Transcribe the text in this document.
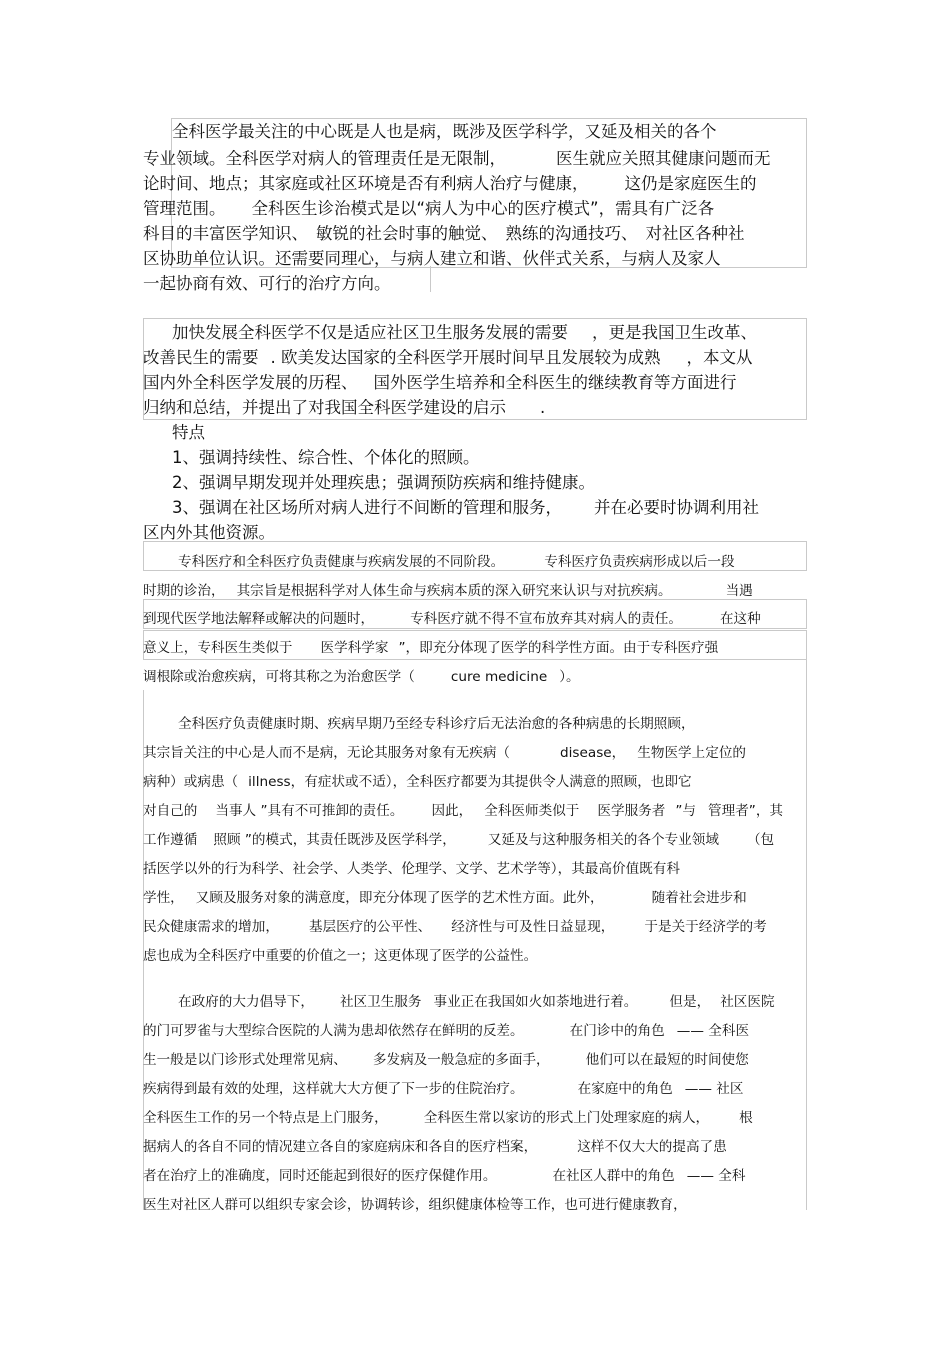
全科医学最关注的中心既是人也是病，既涉及医学科学，又延及相关的各个
专业领域。全科医学对病人的管理责任是无限制，	医生就应关照其健康问题而无
论时间、地点；其家庭或社区环境是否有利病人治疗与健康， 这仍是家庭医生的
管理范围。 全科医生诊治模式是以“病人为中心的医疗模式”，需具有广泛各
科目的丰富医学知识、 敏锐的社会时事的触觉、 熟练的沟通技巧、 对社区各种社
区协助单位认识。还需要同理心，与病人建立和谐、伙伴式关系，与病人及家人
一起协商有效、可行的治疗方向。
加快发展全科医学不仅是适应社区卫生服务发展的需要 ，更是我国卫生改革、
改善民生的需要 . 欧美发达国家的全科医学开展时间早且发展较为成熟 ，本文从
国内外全科医学发展的历程、 国外医学生培养和全科医生的继续教育等方面进行
归纳和总结，并提出了对我国全科医学建设的启示 .
特点
1、强调持续性、综合性、个体化的照顾。
2、强调早期发现并处理疾患；强调预防疾病和维持健康。
3、强调在社区场所对病人进行不间断的管理和服务， 并在必要时协调利用社
区内外其他资源。
专科医疗和全科医疗负责健康与疾病发展的不同阶段。	专科医疗负责疾病形成以后一段
时期的诊治， 其宗旨是根据科学对人体生命与疾病本质的深入研究来认识与对抗疾病。	当遇
到现代医学地法解释或解决的问题时，	专科医疗就不得不宣布放弃其对病人的责任。	在这种
意义上，专科医生类似于 医学科学家 ”，即充分体现了医学的科学性方面。由于专科医疗强
调根除或治愈疾病，可将其称之为治愈医学（	cure medicine ）。
全科医疗负责健康时期、疾病早期乃至经专科诊疗后无法治愈的各种病患的长期照顾，
其宗旨关注的中心是人而不是病，无论其服务对象有无疾病（	disease， 生物医学上定位的
病种）或病患（ illness，有症状或不适），全科医疗都要为其提供令人满意的照顾，也即它
对自己的 当事人 ”具有不可推卸的责任。 因此， 全科医师类似于 医学服务者 ”与 管理者”，其
工作遵循 照顾 ”的模式，其责任既涉及医学科学， 又延及与这种服务相关的各个专业领域 （包
括医学以外的行为科学、社会学、人类学、伦理学、文学、艺术学等），其最高价值既有科
学性， 又顾及服务对象的满意度，即充分体现了医学的艺术性方面。此外，	随着社会进步和
民众健康需求的增加， 基层医疗的公平性、 经济性与可及性日益显现， 于是关于经济学的考
虑也成为全科医疗中重要的价值之一；这更体现了医学的公益性。
在政府的大力倡导下， 社区卫生服务 事业正在我国如火如荼地进行着。 但是， 社区医院
的门可罗雀与大型综合医院的人满为患却依然存在鲜明的反差。	在门诊中的角色 —— 全科医
生一般是以门诊形式处理常见病、 多发病及一般急症的多面手，	他们可以在最短的时间使您
疾病得到最有效的处理，这样就大大方便了下一步的住院治疗。	在家庭中的角色 —— 社区
全科医生工作的另一个特点是上门服务，	全科医生常以家访的形式上门处理家庭的病人， 根
据病人的各自不同的情况建立各自的家庭病床和各自的医疗档案，	这样不仅大大的提高了患
者在治疗上的准确度，同时还能起到很好的医疗保健作用。	在社区人群中的角色 —— 全科
医生对社区人群可以组织专家会诊，协调转诊，组织健康体检等工作，也可进行健康教育，
